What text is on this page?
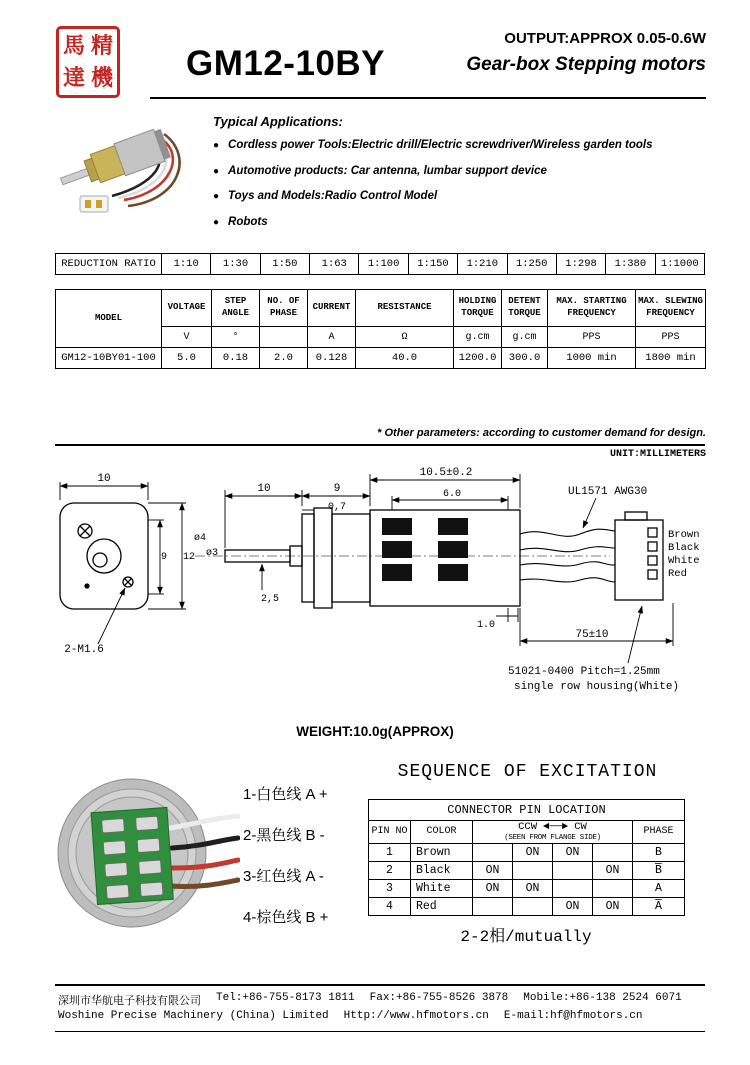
馬 精
達 機 GM12-10BY
OUTPUT:APPROX 0.05-0.6W
Gear-box Stepping motors
Typical Applications:
● Cordless power Tools:Electric drill/Electric screwdriver/Wireless garden tools
● Automotive products: Car antenna, lumbar support device
● Toys and Models:Radio Control Model
● Robots
REDUCTION RATIO	1:10	1:30	1:50	1:63	1:100	1:150	1:210	1:250	1:298	1:380	1:1000
MODEL	VOLTAGE	STEP ANGLE	NO. OF PHASE	CURRENT	RESISTANCE	HOLDING TORQUE	DETENT TORQUE	MAX. STARTING FREQUENCY	MAX. SLEWING FREQUENCY
	V	°		A	Ω	g.cm	g.cm	PPS	PPS
GM12-10BY01-100	5.0	0.18	2.0	0.128	40.0	1200.0	300.0	1000 min	1800 min
* Other parameters: according to customer demand for design.
UNIT:MILLIMETERS
10
9 12
2-M1.6
10	9
0,7
10.5±0.2
6.0
ø4
ø3
2,5
1.0
75±10
UL1571 AWG30
Brown
Black
White
Red
51021-0400 Pitch=1.25mm
single row housing(White)
WEIGHT:10.0g(APPROX)
1-白色线 A +
2-黑色线 B -
3-红色线 A -
4-棕色线 B +
SEQUENCE OF EXCITATION
CONNECTOR PIN LOCATION						
PIN NO	COLOR	CCW ◄──► CW
(SEEN FROM FLANGE SIDE)				PHASE
1	Brown		ON	ON		B
2	Black	ON			ON	B̅
3	White	ON	ON			A
4	Red			ON	ON	A̅
2-2相/mutually
深圳市华航电子科技有限公司 Tel:+86-755-8173 1811 Fax:+86-755-8526 3878 Mobile:+86-138 2524 6071
Woshine Precise Machinery (China) Limited Http://www.hfmotors.cn E-mail:hf@hfmotors.cn
